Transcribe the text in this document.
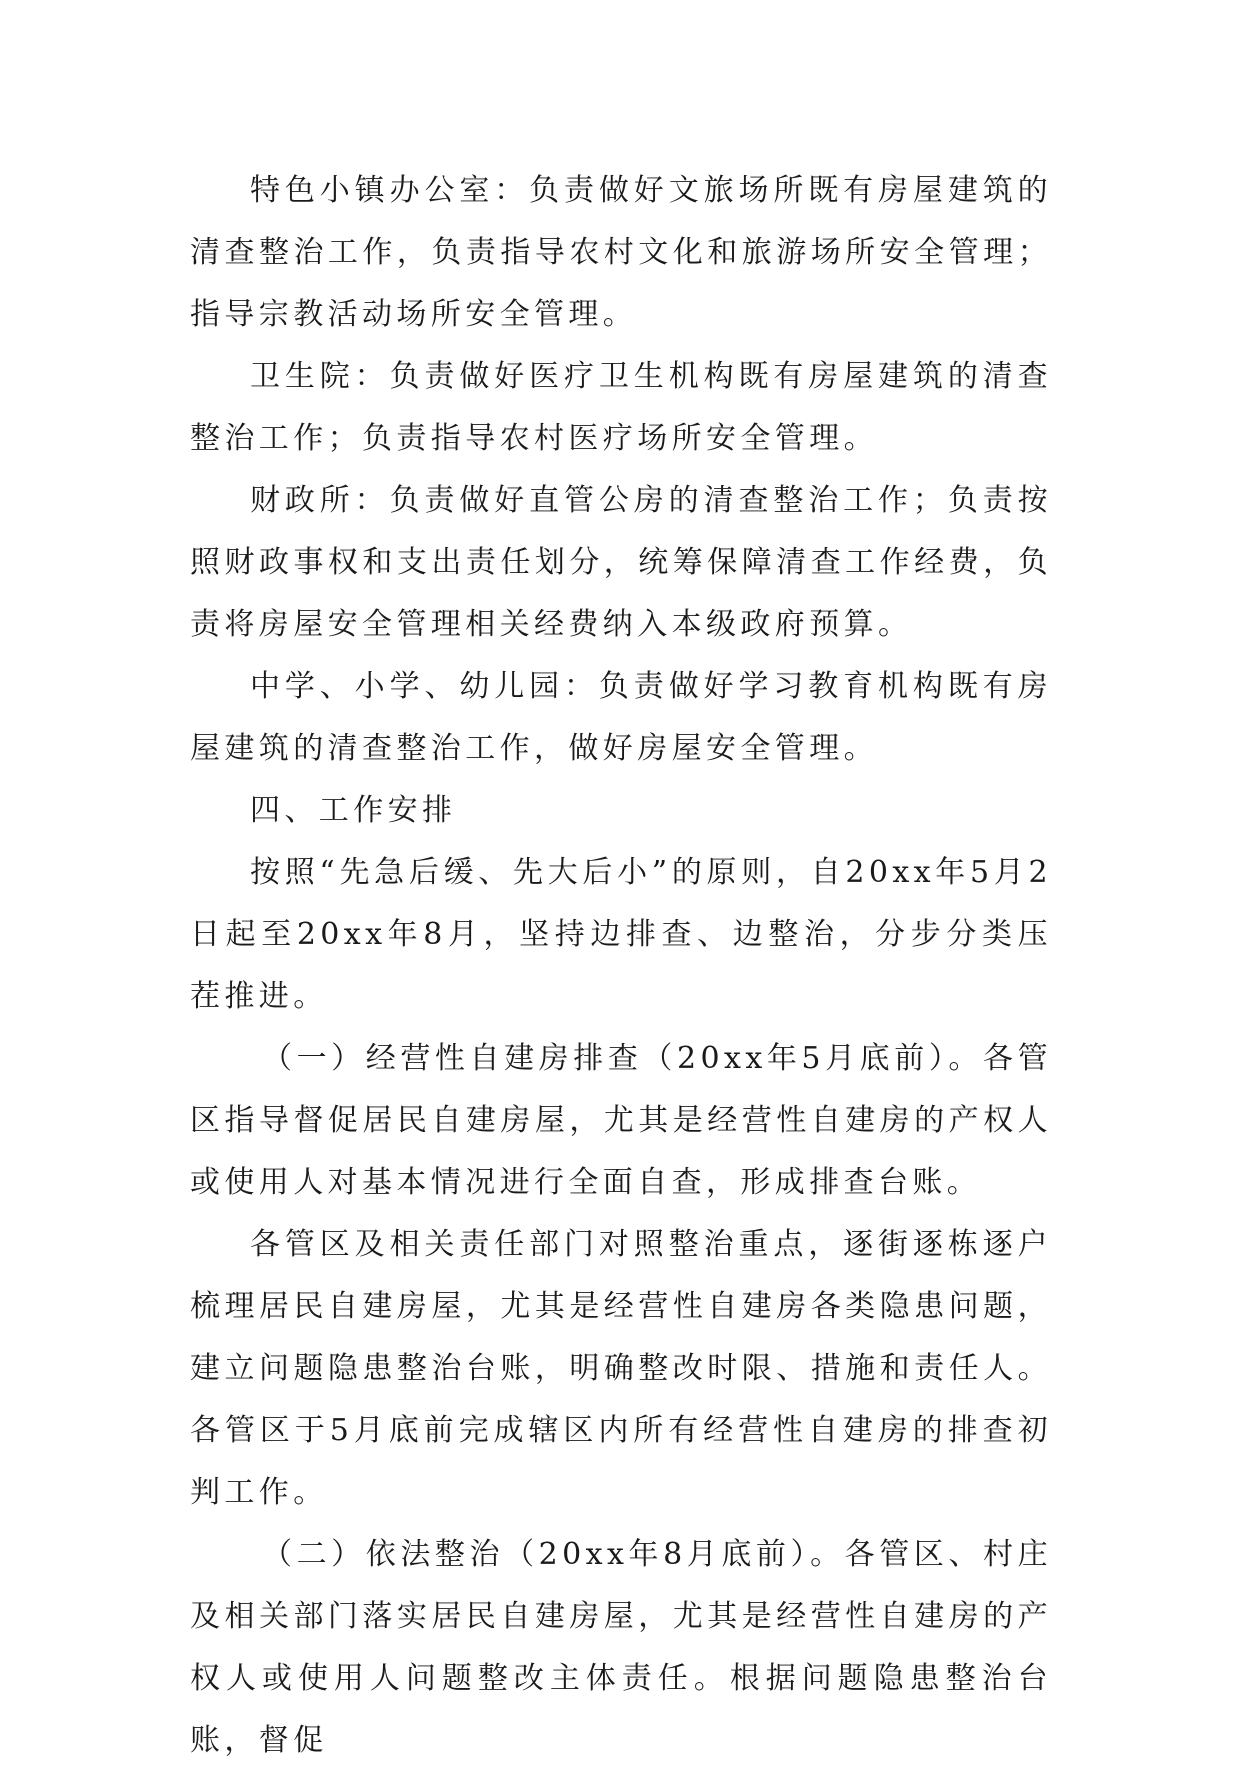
特色小镇办公室：负责做好文旅场所既有房屋建筑的清查整治工作，负责指导农村文化和旅游场所安全管理；指导宗教活动场所安全管理。

卫生院：负责做好医疗卫生机构既有房屋建筑的清查整治工作；负责指导农村医疗场所安全管理。

财政所：负责做好直管公房的清查整治工作；负责按照财政事权和支出责任划分，统筹保障清查工作经费，负责将房屋安全管理相关经费纳入本级政府预算。

中学、小学、幼儿园：负责做好学习教育机构既有房屋建筑的清查整治工作，做好房屋安全管理。

四、工作安排

按照“先急后缓、先大后小”的原则，自20xx年5月2日起至20xx年8月，坚持边排查、边整治，分步分类压茬推进。

（一）经营性自建房排查（20xx年5月底前）。各管区指导督促居民自建房屋，尤其是经营性自建房的产权人或使用人对基本情况进行全面自查，形成排查台账。

各管区及相关责任部门对照整治重点，逐街逐栋逐户梳理居民自建房屋，尤其是经营性自建房各类隐患问题，建立问题隐患整治台账，明确整改时限、措施和责任人。各管区于5月底前完成辖区内所有经营性自建房的排查初判工作。

（二）依法整治（20xx年8月底前）。各管区、村庄及相关部门落实居民自建房屋，尤其是经营性自建房的产权人或使用人问题整改主体责任。根据问题隐患整治台账，督促
